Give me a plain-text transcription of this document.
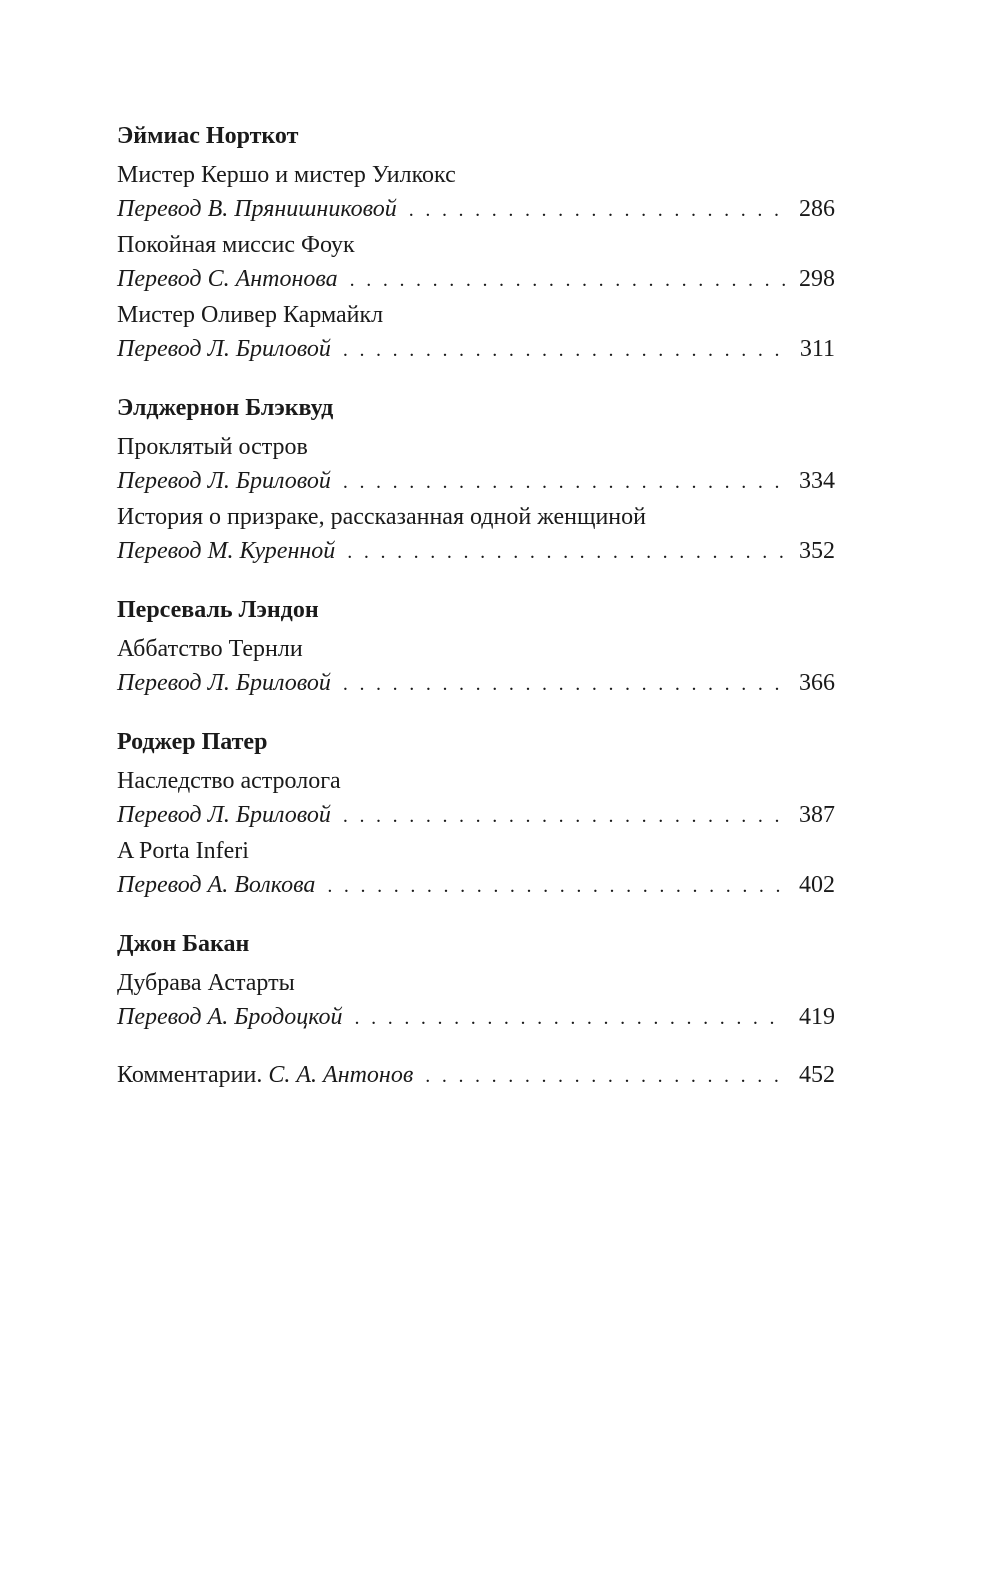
Эймиас Норткот
Мистер Кершо и мистер Уилкокс
Перевод В. Прянишниковой . . .	286
Покойная миссис Фоук
Перевод С. Антонова . . .	298
Мистер Оливер Кармайкл
Перевод Л. Бриловой . . .	311
Элджернон Блэквуд
Проклятый остров
Перевод Л. Бриловой . . .	334
История о призраке, рассказанная одной женщиной
Перевод М. Куренной . . .	352
Персеваль Лэндон
Аббатство Тернли
Перевод Л. Бриловой . . .	366
Роджер Патер
Наследство астролога
Перевод Л. Бриловой . . .	387
A Porta Inferi
Перевод А. Волкова . . .	402
Джон Бакан
Дубрава Астарты
Перевод А. Бродоцкой . . .	419
Комментарии. С. А. Антонов . . .	452
